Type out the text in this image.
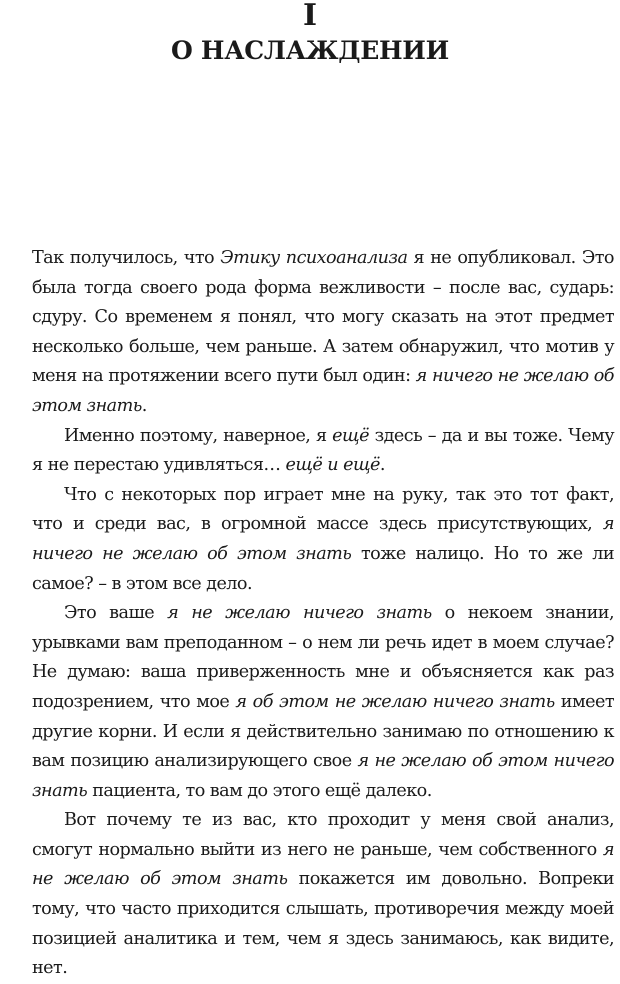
I
О НАСЛАЖДЕНИИ

Так получилось, что Этику психоанализа я не опубликовал. Это была тогда своего рода форма вежливости – после вас, сударь: сдуру. Со временем я понял, что могу сказать на этот предмет несколько больше, чем раньше. А затем обнаружил, что мотив у меня на протяжении всего пути был один: я ничего не желаю об этом знать.

Именно поэтому, наверное, я ещё здесь – да и вы тоже. Чему я не перестаю удивляться… ещё и ещё.

Что с некоторых пор играет мне на руку, так это тот факт, что и среди вас, в огромной массе здесь присутствующих, я ничего не желаю об этом знать тоже налицо. Но то же ли самое? – в этом все дело.

Это ваше я не желаю ничего знать о некоем знании, урывками вам преподанном – о нем ли речь идет в моем случае? Не думаю: ваша приверженность мне и объясняется как раз подозрением, что мое я об этом не желаю ничего знать имеет другие корни. И если я действительно занимаю по отношению к вам позицию анализирующего свое я не желаю об этом ничего знать пациента, то вам до этого ещё далеко.

Вот почему те из вас, кто проходит у меня свой анализ, смогут нормально выйти из него не раньше, чем собственного я не желаю об этом знать покажется им довольно. Вопреки тому, что часто приходится слышать, противоречия между моей позицией аналитика и тем, чем я здесь занимаюсь, как видите, нет.
